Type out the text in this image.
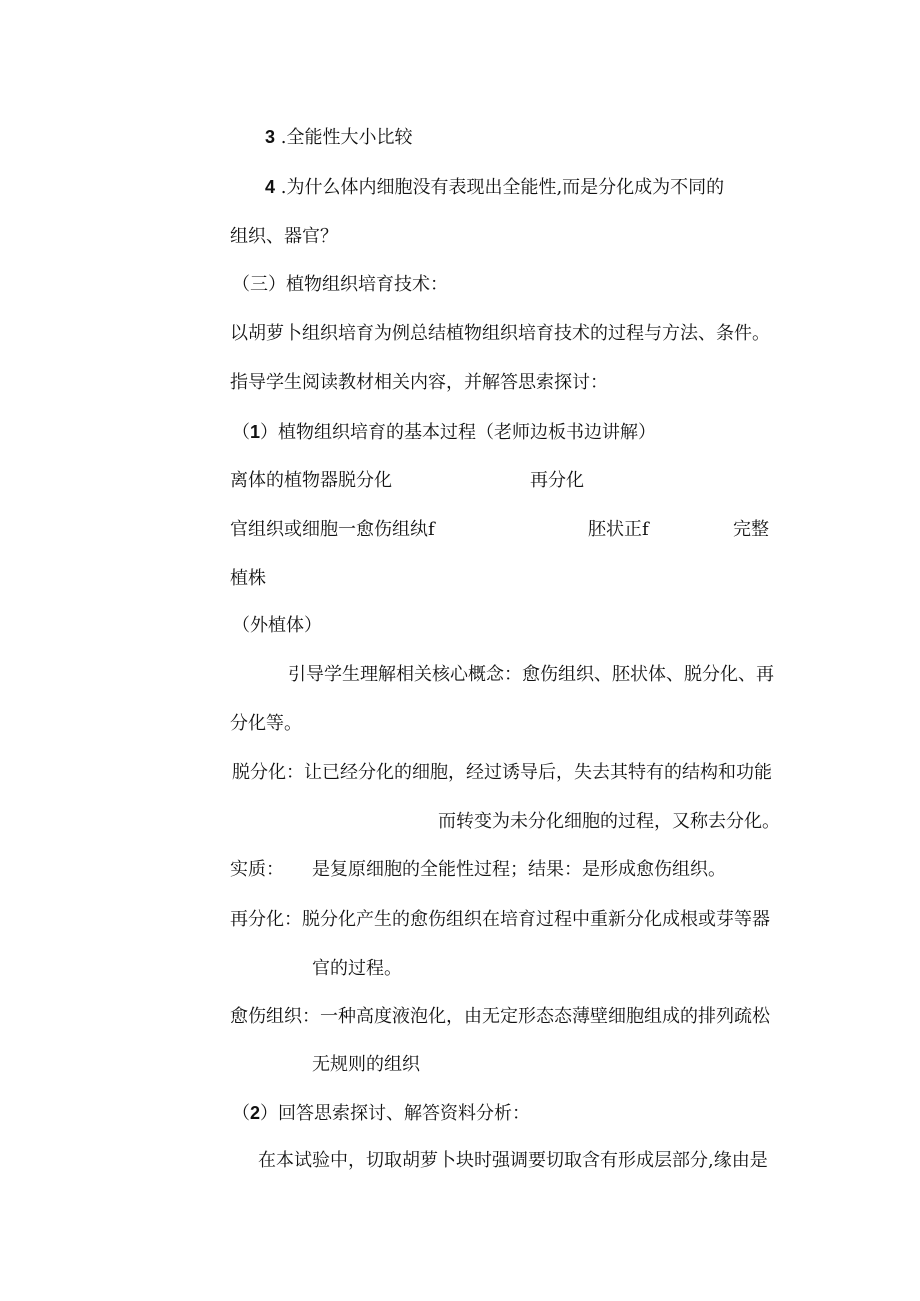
3 .全能性大小比较
4 .为什么体内细胞没有表现出全能性,而是分化成为不同的
组织、器官？
（三）植物组织培育技术：
以胡萝卜组织培育为例总结植物组织培育技术的过程与方法、条件。
指导学生阅读教材相关内容，并解答思索探讨：
（1）植物组织培育的基本过程（老师边板书边讲解）
离体的植物器脱分化	再分化
官组织或细胞一愈伤组纨f	胚状正f	完整
植株
（外植体）
引导学生理解相关核心概念：愈伤组织、胚状体、脱分化、再
分化等。
脱分化：让已经分化的细胞，经过诱导后，失去其特有的结构和功能
而转变为未分化细胞的过程，又称去分化。
实质： 是复原细胞的全能性过程；结果：是形成愈伤组织。
再分化：脱分化产生的愈伤组织在培育过程中重新分化成根或芽等器
官的过程。
愈伤组织：一种高度液泡化，由无定形态态薄壁细胞组成的排列疏松
无规则的组织
（2）回答思索探讨、解答资料分析：
在本试验中，切取胡萝卜块时强调要切取含有形成层部分,缘由是
